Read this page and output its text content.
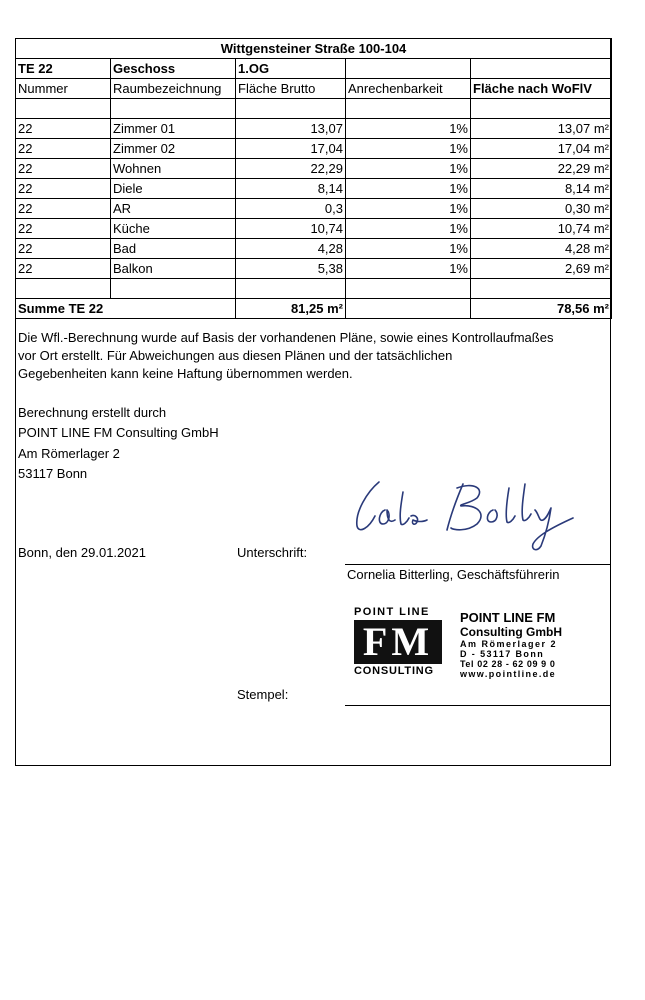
Wittgensteiner Straße 100-104				
TE 22	Geschoss	1.OG		
Nummer	Raumbezeichnung	Fläche Brutto	Anrechenbarkeit	Fläche nach WoFlV

22	Zimmer 01	13,07	1%	13,07 m²
22	Zimmer 02	17,04	1%	17,04 m²
22	Wohnen	22,29	1%	22,29 m²
22	Diele	8,14	1%	8,14 m²
22	AR	0,3	1%	0,30 m²
22	Küche	10,74	1%	10,74 m²
22	Bad	4,28	1%	4,28 m²
22	Balkon	5,38	1%	2,69 m²

Summe TE 22		81,25 m²		78,56 m²
Die Wfl.-Berechnung wurde auf Basis der vorhandenen Pläne, sowie eines Kontrollaufmaßes
vor Ort erstellt. Für Abweichungen aus diesen Plänen und der tatsächlichen
Gegebenheiten kann keine Haftung übernommen werden.
Berechnung erstellt durch
POINT LINE FM Consulting GmbH
Am Römerlager 2
53117 Bonn
Bonn, den 29.01.2021	Unterschrift:
Cornelia Bitterling, Geschäftsführerin
POINT LINE
FM
CONSULTING
POINT LINE FM
Consulting GmbH
Am Römerlager 2
D - 53117 Bonn
Tel 02 28 - 62 09 9 0
www.pointline.de
Stempel:
